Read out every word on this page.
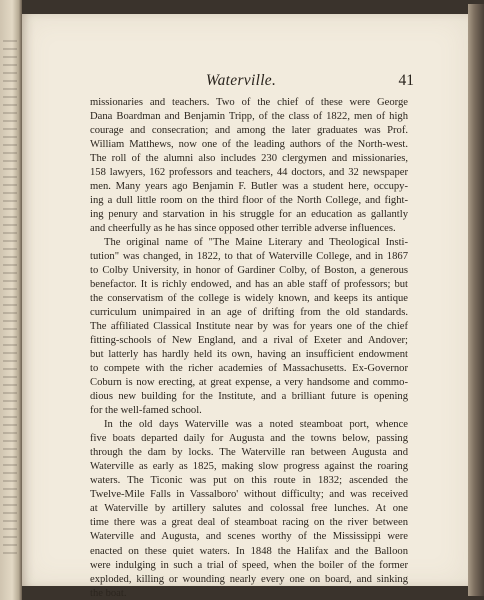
Waterville.	41

missionaries and teachers. Two of the chief of these were George

Dana Boardman and Benjamin Tripp, of the class of 1822, men of high

courage and consecration; and among the later graduates was Prof.

William Matthews, now one of the leading authors of the North-west.

The roll of the alumni also includes 230 clergymen and missionaries,

158 lawyers, 162 professors and teachers, 44 doctors, and 32 newspaper

men. Many years ago Benjamin F. Butler was a student here, occupy-

ing a dull little room on the third floor of the North College, and fight-

ing penury and starvation in his struggle for an education as gallantly

and cheerfully as he has since opposed other terrible adverse influences.

The original name of "The Maine Literary and Theological Insti-

tution" was changed, in 1822, to that of Waterville College, and in 1867

to Colby University, in honor of Gardiner Colby, of Boston, a generous

benefactor. It is richly endowed, and has an able staff of professors; but

the conservatism of the college is widely known, and keeps its antique

curriculum unimpaired in an age of drifting from the old standards.

The affiliated Classical Institute near by was for years one of the chief

fitting-schools of New England, and a rival of Exeter and Andover;

but latterly has hardly held its own, having an insufficient endowment

to compete with the richer academies of Massachusetts. Ex-Governor

Coburn is now erecting, at great expense, a very handsome and commo-

dious new building for the Institute, and a brilliant future is opening

for the well-famed school.

In the old days Waterville was a noted steamboat port, whence

five boats departed daily for Augusta and the towns below, passing

through the dam by locks. The Waterville ran between Augusta and

Waterville as early as 1825, making slow progress against the roaring

waters. The Ticonic was put on this route in 1832; ascended the

Twelve-Mile Falls in Vassalboro' without difficulty; and was received

at Waterville by artillery salutes and colossal free lunches. At one

time there was a great deal of steamboat racing on the river between

Waterville and Augusta, and scenes worthy of the Mississippi were

enacted on these quiet waters. In 1848 the Halifax and the Balloon

were indulging in such a trial of speed, when the boiler of the former

exploded, killing or wounding nearly every one on board, and sinking

the boat.
